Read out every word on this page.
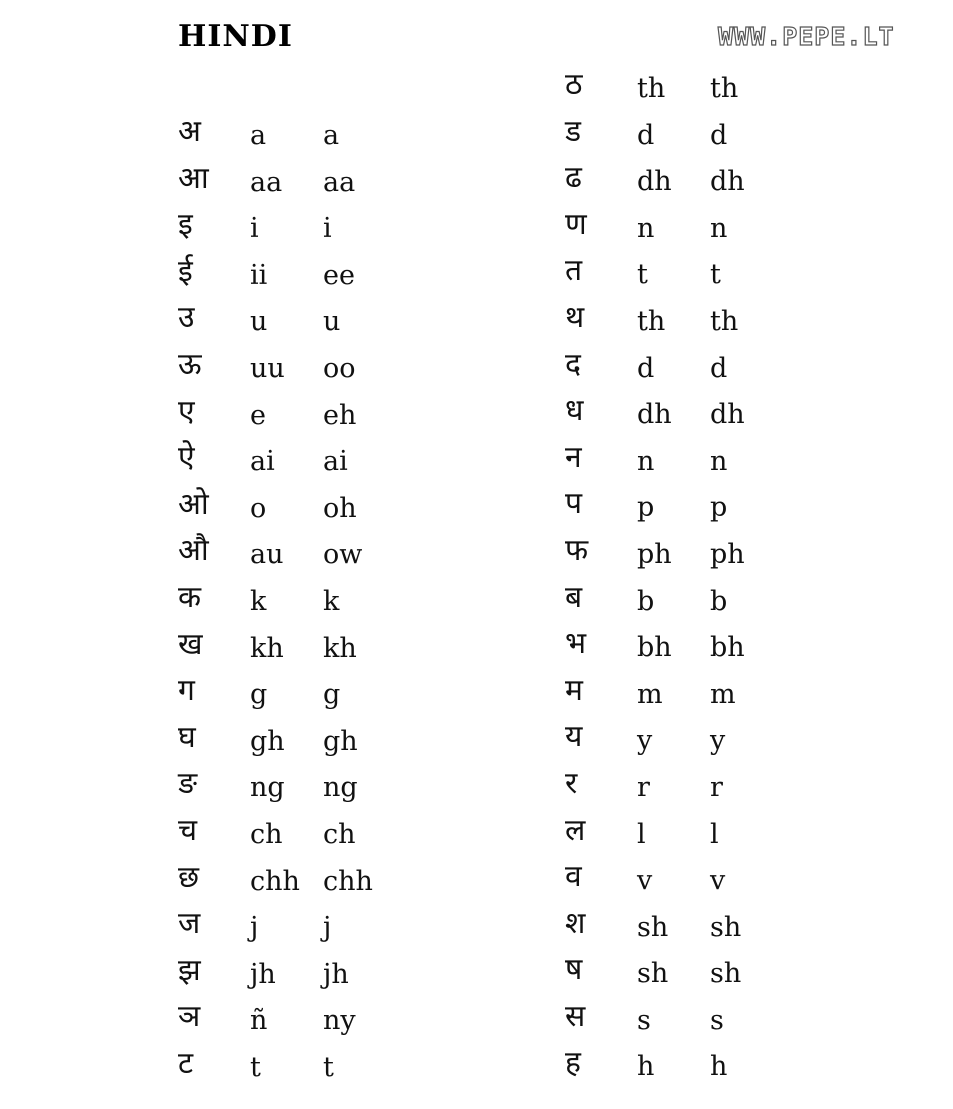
HINDI	WWW.PEPE.LT
अ a a
आ aa aa
इ i i
ई ii ee
उ u u
ऊ uu oo
ए e eh
ऐ ai ai
ओ o oh
औ au ow
क k k
ख kh kh
ग g g
घ gh gh
ङ ng ng
च ch ch
छ chh chh
ज j j
झ jh jh
ञ ñ ny
ट t t
ठ th th
ड d d
ढ dh dh
ण n n
त t t
थ th th
द d d
ध dh dh
न n n
प p p
फ ph ph
ब b b
भ bh bh
म m m
य y y
र r r
ल l l
व v v
श sh sh
ष sh sh
स s s
ह h h
